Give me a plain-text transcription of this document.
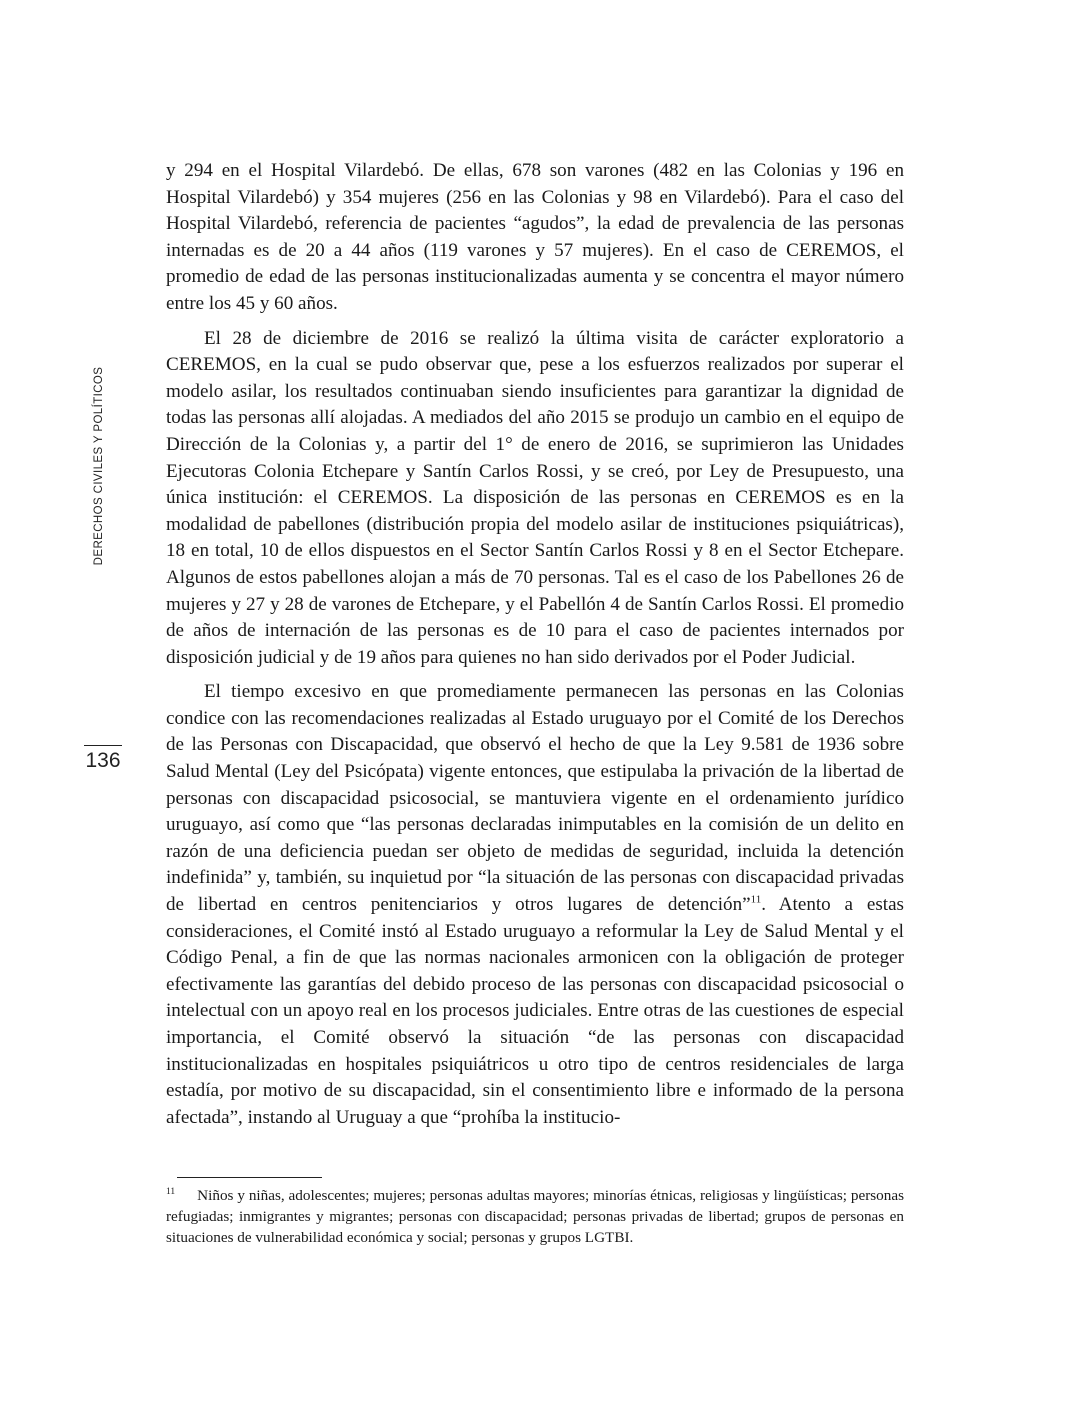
DERECHOS CIVILES Y POLÍTICOS
136

y 294 en el Hospital Vilardebó. De ellas, 678 son varones (482 en las Colonias y 196 en Hospital Vilardebó) y 354 mujeres (256 en las Colonias y 98 en Vilardebó). Para el caso del Hospital Vilardebó, referencia de pacientes “agudos”, la edad de prevalencia de las personas internadas es de 20 a 44 años (119 varones y 57 mujeres). En el caso de CEREMOS, el promedio de edad de las personas institucionalizadas aumenta y se concentra el mayor número entre los 45 y 60 años.

El 28 de diciembre de 2016 se realizó la última visita de carácter exploratorio a CEREMOS, en la cual se pudo observar que, pese a los esfuerzos realizados por superar el modelo asilar, los resultados continuaban siendo insuficientes para garantizar la dignidad de todas las personas allí alojadas. A mediados del año 2015 se produjo un cambio en el equipo de Dirección de la Colonias y, a partir del 1° de enero de 2016, se suprimieron las Unidades Ejecutoras Colonia Etchepare y Santín Carlos Rossi, y se creó, por Ley de Presupuesto, una única institución: el CEREMOS. La disposición de las personas en CEREMOS es en la modalidad de pabellones (distribución propia del modelo asilar de instituciones psiquiátricas), 18 en total, 10 de ellos dispuestos en el Sector Santín Carlos Rossi y 8 en el Sector Etchepare. Algunos de estos pabellones alojan a más de 70 personas. Tal es el caso de los Pabellones 26 de mujeres y 27 y 28 de varones de Etchepare, y el Pabellón 4 de Santín Carlos Rossi. El promedio de años de internación de las personas es de 10 para el caso de pacientes internados por disposición judicial y de 19 años para quienes no han sido derivados por el Poder Judicial.

El tiempo excesivo en que promediamente permanecen las personas en las Colonias condice con las recomendaciones realizadas al Estado uruguayo por el Comité de los Derechos de las Personas con Discapacidad, que observó el hecho de que la Ley 9.581 de 1936 sobre Salud Mental (Ley del Psicópata) vigente entonces, que estipulaba la privación de la libertad de personas con discapacidad psicosocial, se mantuviera vigente en el ordenamiento jurídico uruguayo, así como que “las personas declaradas inimputables en la comisión de un delito en razón de una deficiencia puedan ser objeto de medidas de seguridad, incluida la detención indefinida” y, también, su inquietud por “la situación de las personas con discapacidad privadas de libertad en centros penitenciarios y otros lugares de detención”$^{11}$. Atento a estas consideraciones, el Comité instó al Estado uruguayo a reformular la Ley de Salud Mental y el Código Penal, a fin de que las normas nacionales armonicen con la obligación de proteger efectivamente las garantías del debido proceso de las personas con discapacidad psicosocial o intelectual con un apoyo real en los procesos judiciales. Entre otras de las cuestiones de especial importancia, el Comité observó la situación “de las personas con discapacidad institucionalizadas en hospitales psiquiátricos u otro tipo de centros residenciales de larga estadía, por motivo de su discapacidad, sin el consentimiento libre e informado de la persona afectada”, instando al Uruguay a que “prohíba la institucio-

$^{11}$ Niños y niñas, adolescentes; mujeres; personas adultas mayores; minorías étnicas, religiosas y lingüísticas; personas refugiadas; inmigrantes y migrantes; personas con discapacidad; personas privadas de libertad; grupos de personas en situaciones de vulnerabilidad económica y social; personas y grupos LGTBI.
